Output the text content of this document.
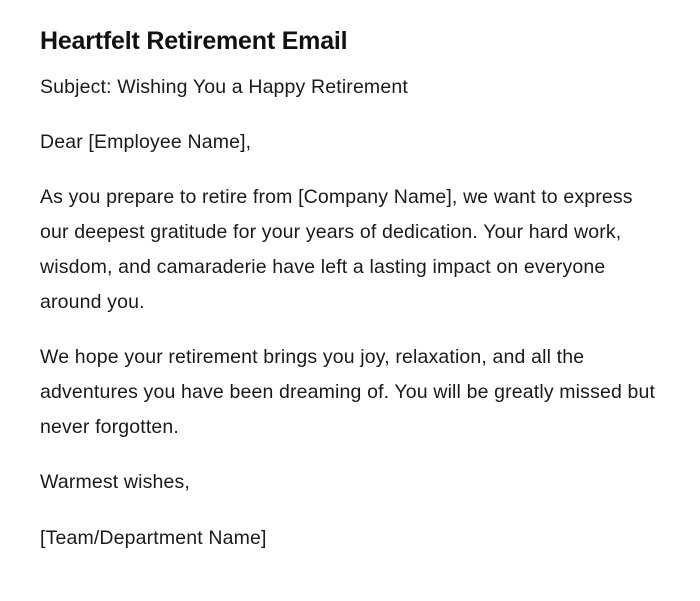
Heartfelt Retirement Email

Subject: Wishing You a Happy Retirement

Dear [Employee Name],

As you prepare to retire from [Company Name], we want to express our deepest gratitude for your years of dedication. Your hard work, wisdom, and camaraderie have left a lasting impact on everyone around you.

We hope your retirement brings you joy, relaxation, and all the adventures you have been dreaming of. You will be greatly missed but never forgotten.

Warmest wishes,

[Team/Department Name]
